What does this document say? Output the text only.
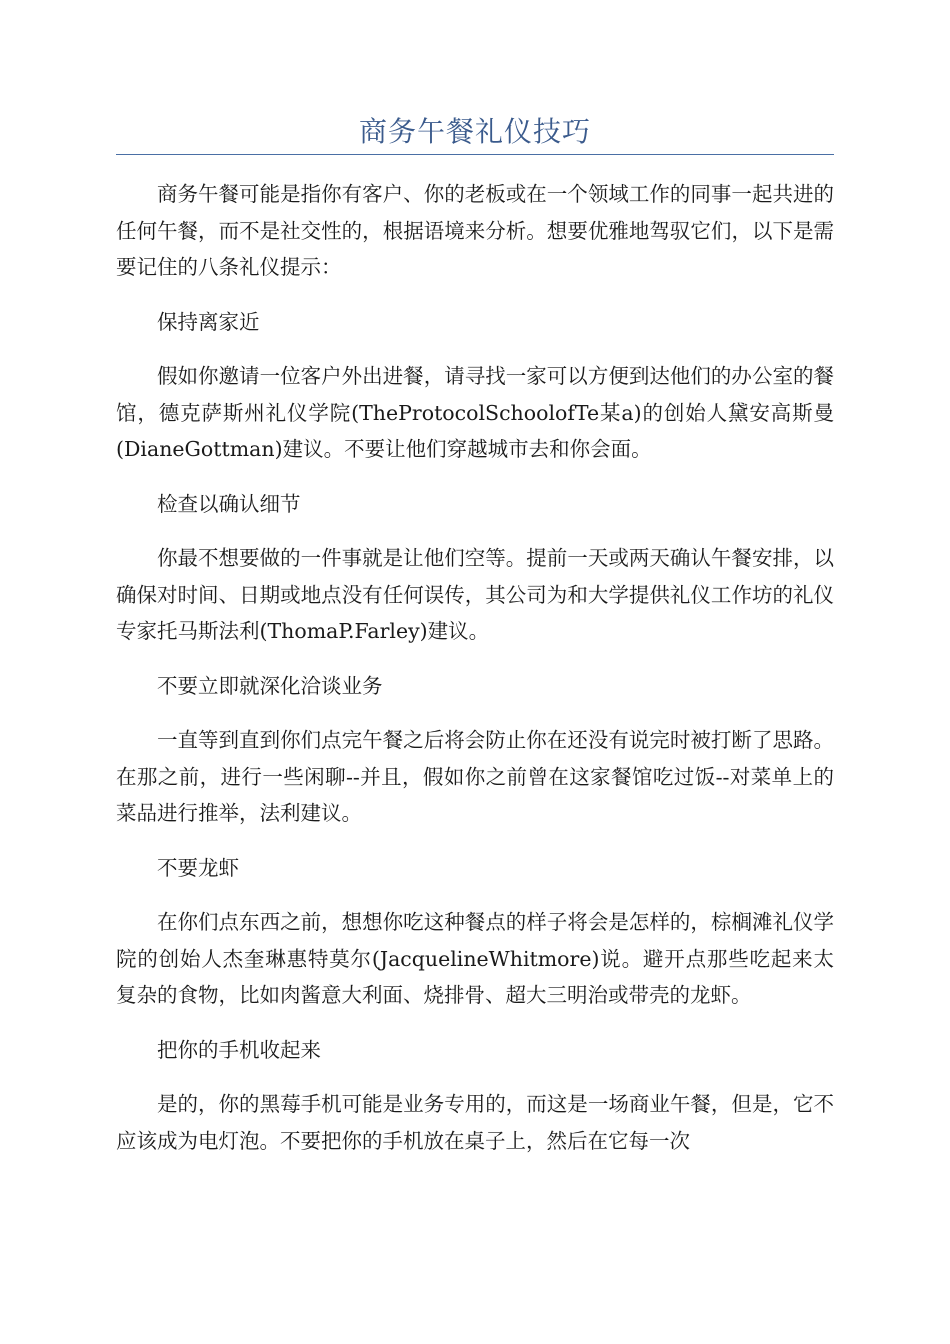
商务午餐礼仪技巧

商务午餐可能是指你有客户、你的老板或在一个领域工作的同事一起共进的任何午餐，而不是社交性的，根据语境来分析。想要优雅地驾驭它们，以下是需要记住的八条礼仪提示：

保持离家近

假如你邀请一位客户外出进餐，请寻找一家可以方便到达他们的办公室的餐馆，德克萨斯州礼仪学院(TheProtocolSchoolofTe某a)的创始人黛安高斯曼(DianeGottman)建议。不要让他们穿越城市去和你会面。

检查以确认细节

你最不想要做的一件事就是让他们空等。提前一天或两天确认午餐安排，以确保对时间、日期或地点没有任何误传，其公司为和大学提供礼仪工作坊的礼仪专家托马斯法利(ThomaP.Farley)建议。

不要立即就深化洽谈业务

一直等到直到你们点完午餐之后将会防止你在还没有说完时被打断了思路。在那之前，进行一些闲聊--并且，假如你之前曾在这家餐馆吃过饭--对菜单上的菜品进行推举，法利建议。

不要龙虾

在你们点东西之前，想想你吃这种餐点的样子将会是怎样的，棕榈滩礼仪学院的创始人杰奎琳惠特莫尔(JacquelineWhitmore)说。避开点那些吃起来太复杂的食物，比如肉酱意大利面、烧排骨、超大三明治或带壳的龙虾。

把你的手机收起来

是的，你的黑莓手机可能是业务专用的，而这是一场商业午餐，但是，它不应该成为电灯泡。不要把你的手机放在桌子上，然后在它每一次
